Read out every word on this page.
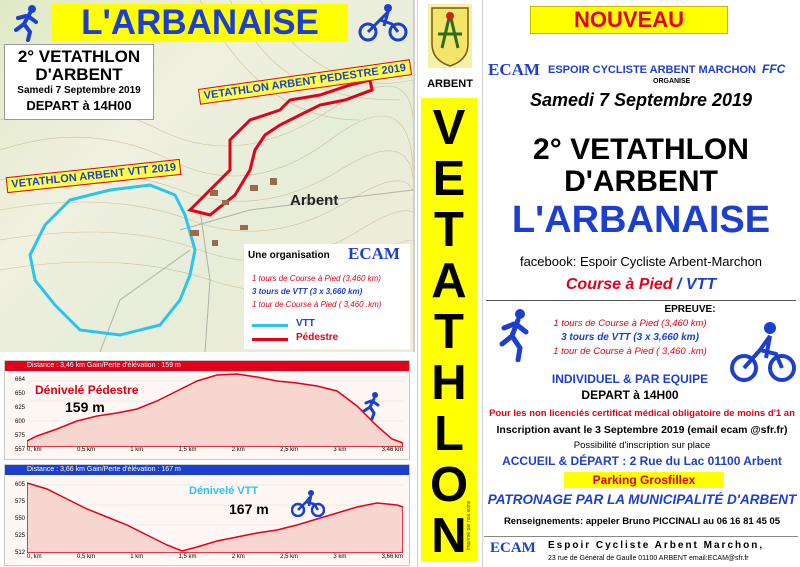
L'ARBANAISE
2° VETATHLON
D'ARBENT
Samedi 7 Septembre 2019
DEPART à 14H00
VETATHLON ARBENT PEDESTRE 2019
VETATHLON ARBENT VTT 2019
Arbent
Une organisation ECAM
1 tours de Course à Pied (3,460 km)
3 tours de VTT (3 x 3,660 km)
1 tour de Course à Pied ( 3,460 .km)
VTT
Pédestre
Distance : 3,46 km Gain/Perte d'élévation : 159 m
664
650
625
600
575
557 0, km	0,5 km	1 km	1,5 km	2 km	2,5 km	3 km	3,46 km
Dénivelé Pédestre
159 m
Distance : 3,66 km Gain/Perte d'élévation : 167 m
605
575
550
525
512
0, km	0,5 km	1 km	1,5 km	2 km	2,5 km	3 km	3,66 km
Dénivelé VTT
167 m
ARBENT
V
E
T
A
T
H
L
O
N Imprimé par nos soins
NOUVEAU
ECAM ESPOIR CYCLISTE ARBENT MARCHON
ORGANISE
FFC
Samedi 7 Septembre 2019
2° VETATHLON
D'ARBENT
L'ARBANAISE
facebook: Espoir Cycliste Arbent-Marchon
Course à Pied / VTT
EPREUVE:
1 tours de Course à Pied (3,460 km)
3 tours de VTT (3 x 3,660 km)
1 tour de Course à Pied ( 3,460 .km)
INDIVIDUEL & PAR EQUIPE
DEPART à 14H00
Pour les non licenciés certificat médical obligatoire de moins d'1 an
Inscription avant le 3 Septembre 2019 (email ecam @sfr.fr)
Possibilité d'inscription sur place
ACCUEIL & DÉPART : 2 Rue du Lac 01100 Arbent
Parking Grosfillex
PATRONAGE PAR LA MUNICIPALITÉ D'ARBENT
Renseignements: appeler Bruno PICCINALI au 06 16 81 45 05
ECAM Espoir Cycliste Arbent Marchon,
23 rue de Général de Gaulle 01100 ARBENT email:ECAM@sfr.fr
